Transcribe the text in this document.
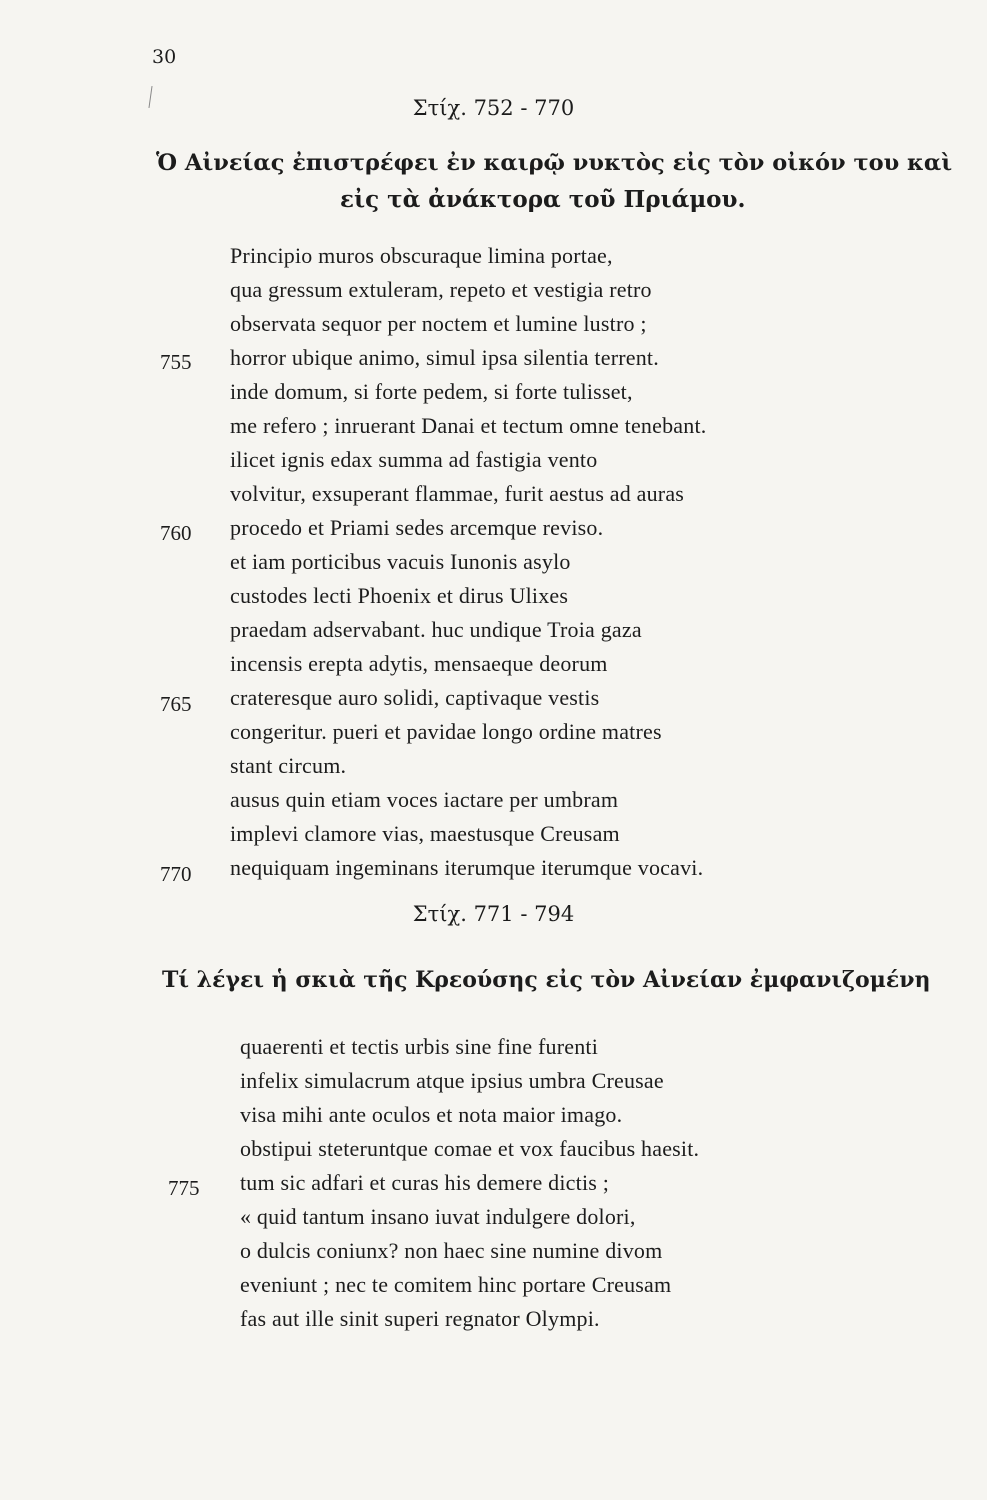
30
Στίχ. 752 - 770
Ὁ Αἰνείας ἐπιστρέφει ἐν καιρῷ νυκτὸς εἰς τὸν οἰκόν του καὶ
εἰς τὰ ἀνάκτορα τοῦ Πριάμου.
Principio muros obscuraque limina portae,
qua gressum extuleram, repeto et vestigia retro
observata sequor per noctem et lumine lustro ;
755 horror ubique animo, simul ipsa silentia terrent.
inde domum, si forte pedem, si forte tulisset,
me refero ; inruerant Danai et tectum omne tenebant.
ilicet ignis edax summa ad fastigia vento
volvitur, exsuperant flammae, furit aestus ad auras
760 procedo et Priami sedes arcemque reviso.
et iam porticibus vacuis Iunonis asylo
custodes lecti Phoenix et dirus Ulixes
praedam adservabant. huc undique Troia gaza
incensis erepta adytis, mensaeque deorum
765 crateresque auro solidi, captivaque vestis
congeritur. pueri et pavidae longo ordine matres
stant circum.
ausus quin etiam voces iactare per umbram
implevi clamore vias, maestusque Creusam
770 nequiquam ingeminans iterumque iterumque vocavi.
Στίχ. 771 - 794
Τί λέγει ἡ σκιὰ τῆς Κρεούσης εἰς τὸν Αἰνείαν ἐμφανιζομένη
quaerenti et tectis urbis sine fine furenti
infelix simulacrum atque ipsius umbra Creusae
visa mihi ante oculos et nota maior imago.
obstipui steteruntque comae et vox faucibus haesit.
775 tum sic adfari et curas his demere dictis ;
« quid tantum insano iuvat indulgere dolori,
o dulcis coniunx? non haec sine numine divom
eveniunt ; nec te comitem hinc portare Creusam
fas aut ille sinit superi regnator Olympi.
